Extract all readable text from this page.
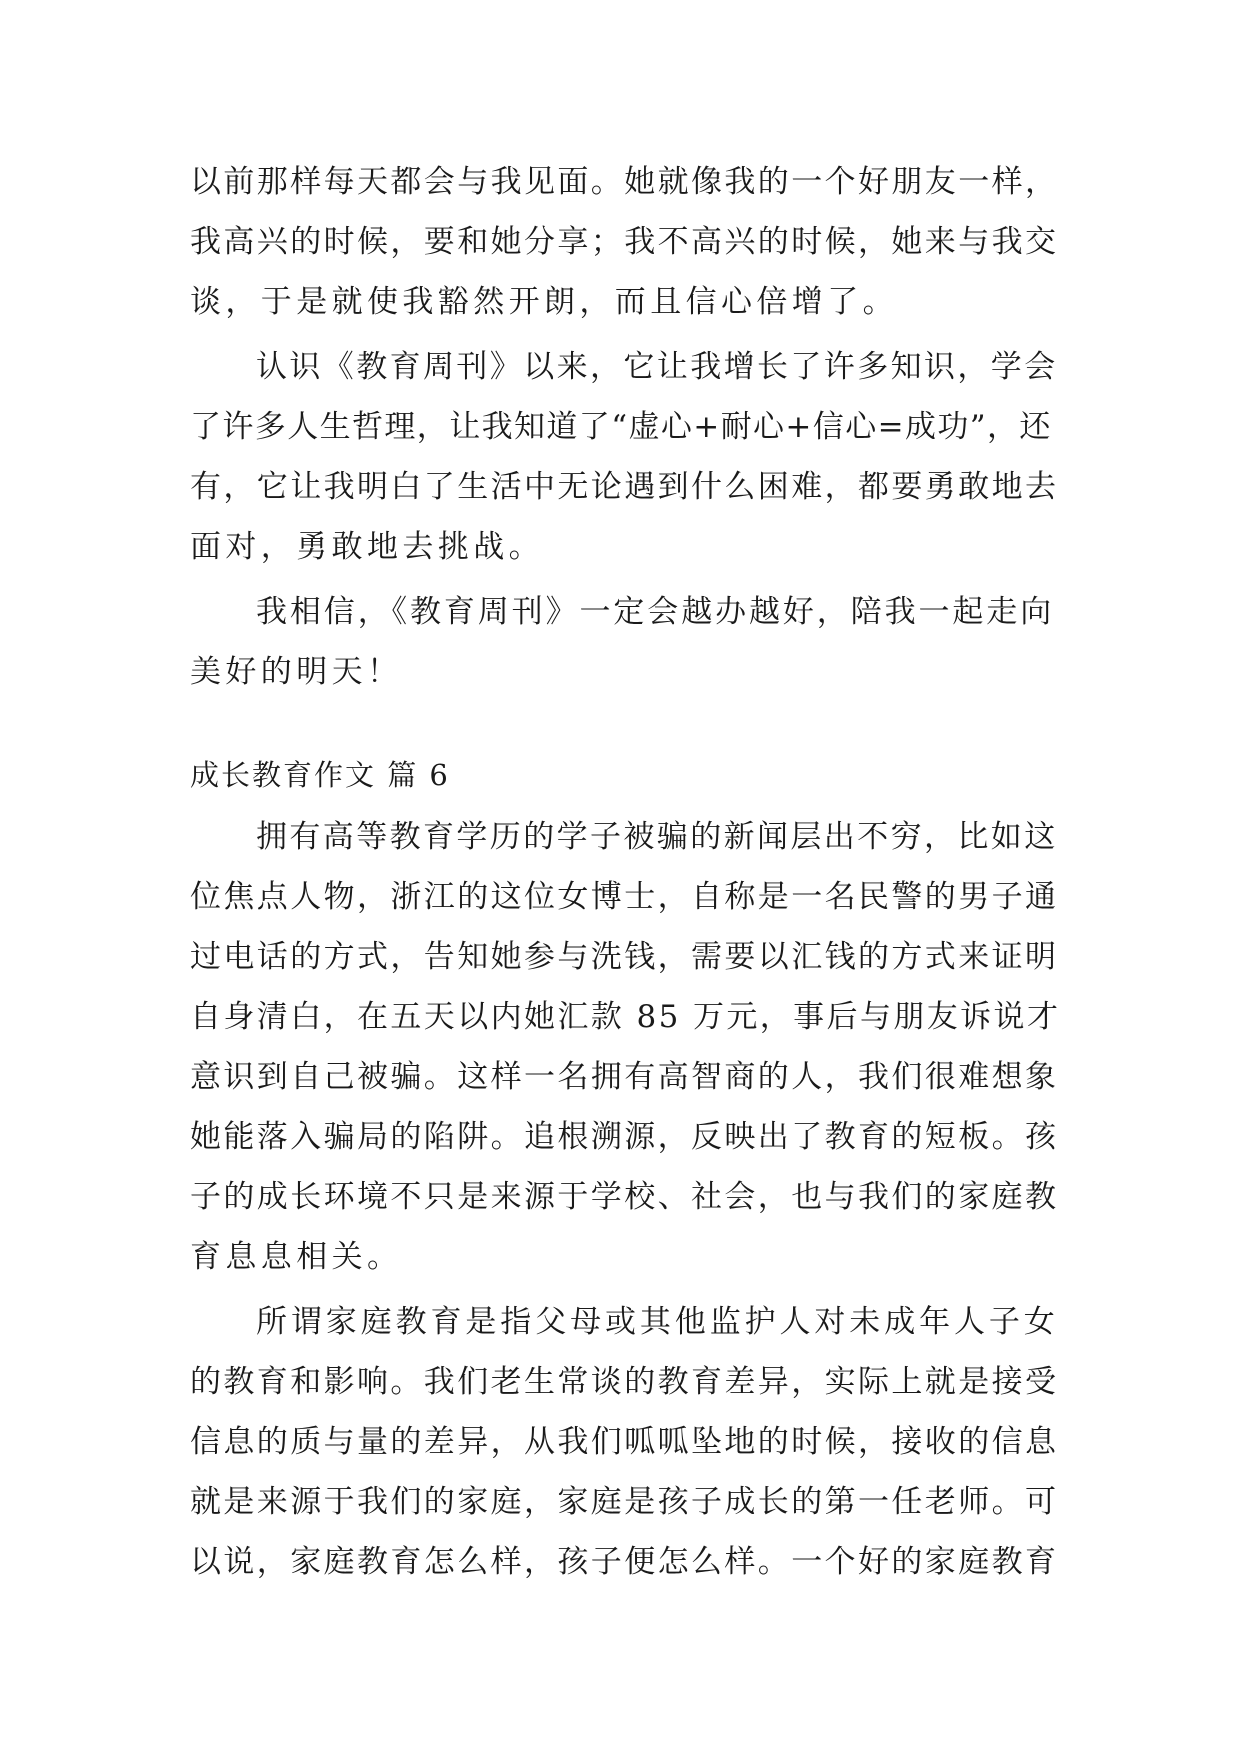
以前那样每天都会与我见面。她就像我的一个好朋友一样，
我高兴的时候，要和她分享；我不高兴的时候，她来与我交
谈，于是就使我豁然开朗，而且信心倍增了。
认识《教育周刊》以来，它让我增长了许多知识，学会
了许多人生哲理，让我知道了“虚心+耐心+信心=成功”，还
有，它让我明白了生活中无论遇到什么困难，都要勇敢地去
面对，勇敢地去挑战。
我相信，《教育周刊》一定会越办越好，陪我一起走向
美好的明天！
成长教育作文 篇 6
拥有高等教育学历的学子被骗的新闻层出不穷，比如这
位焦点人物，浙江的这位女博士，自称是一名民警的男子通
过电话的方式，告知她参与洗钱，需要以汇钱的方式来证明
自身清白，在五天以内她汇款 85 万元，事后与朋友诉说才
意识到自己被骗。这样一名拥有高智商的人，我们很难想象
她能落入骗局的陷阱。追根溯源，反映出了教育的短板。孩
子的成长环境不只是来源于学校、社会，也与我们的家庭教
育息息相关。
所谓家庭教育是指父母或其他监护人对未成年人子女
的教育和影响。我们老生常谈的教育差异，实际上就是接受
信息的质与量的差异，从我们呱呱坠地的时候，接收的信息
就是来源于我们的家庭，家庭是孩子成长的第一任老师。可
以说，家庭教育怎么样，孩子便怎么样。一个好的家庭教育
